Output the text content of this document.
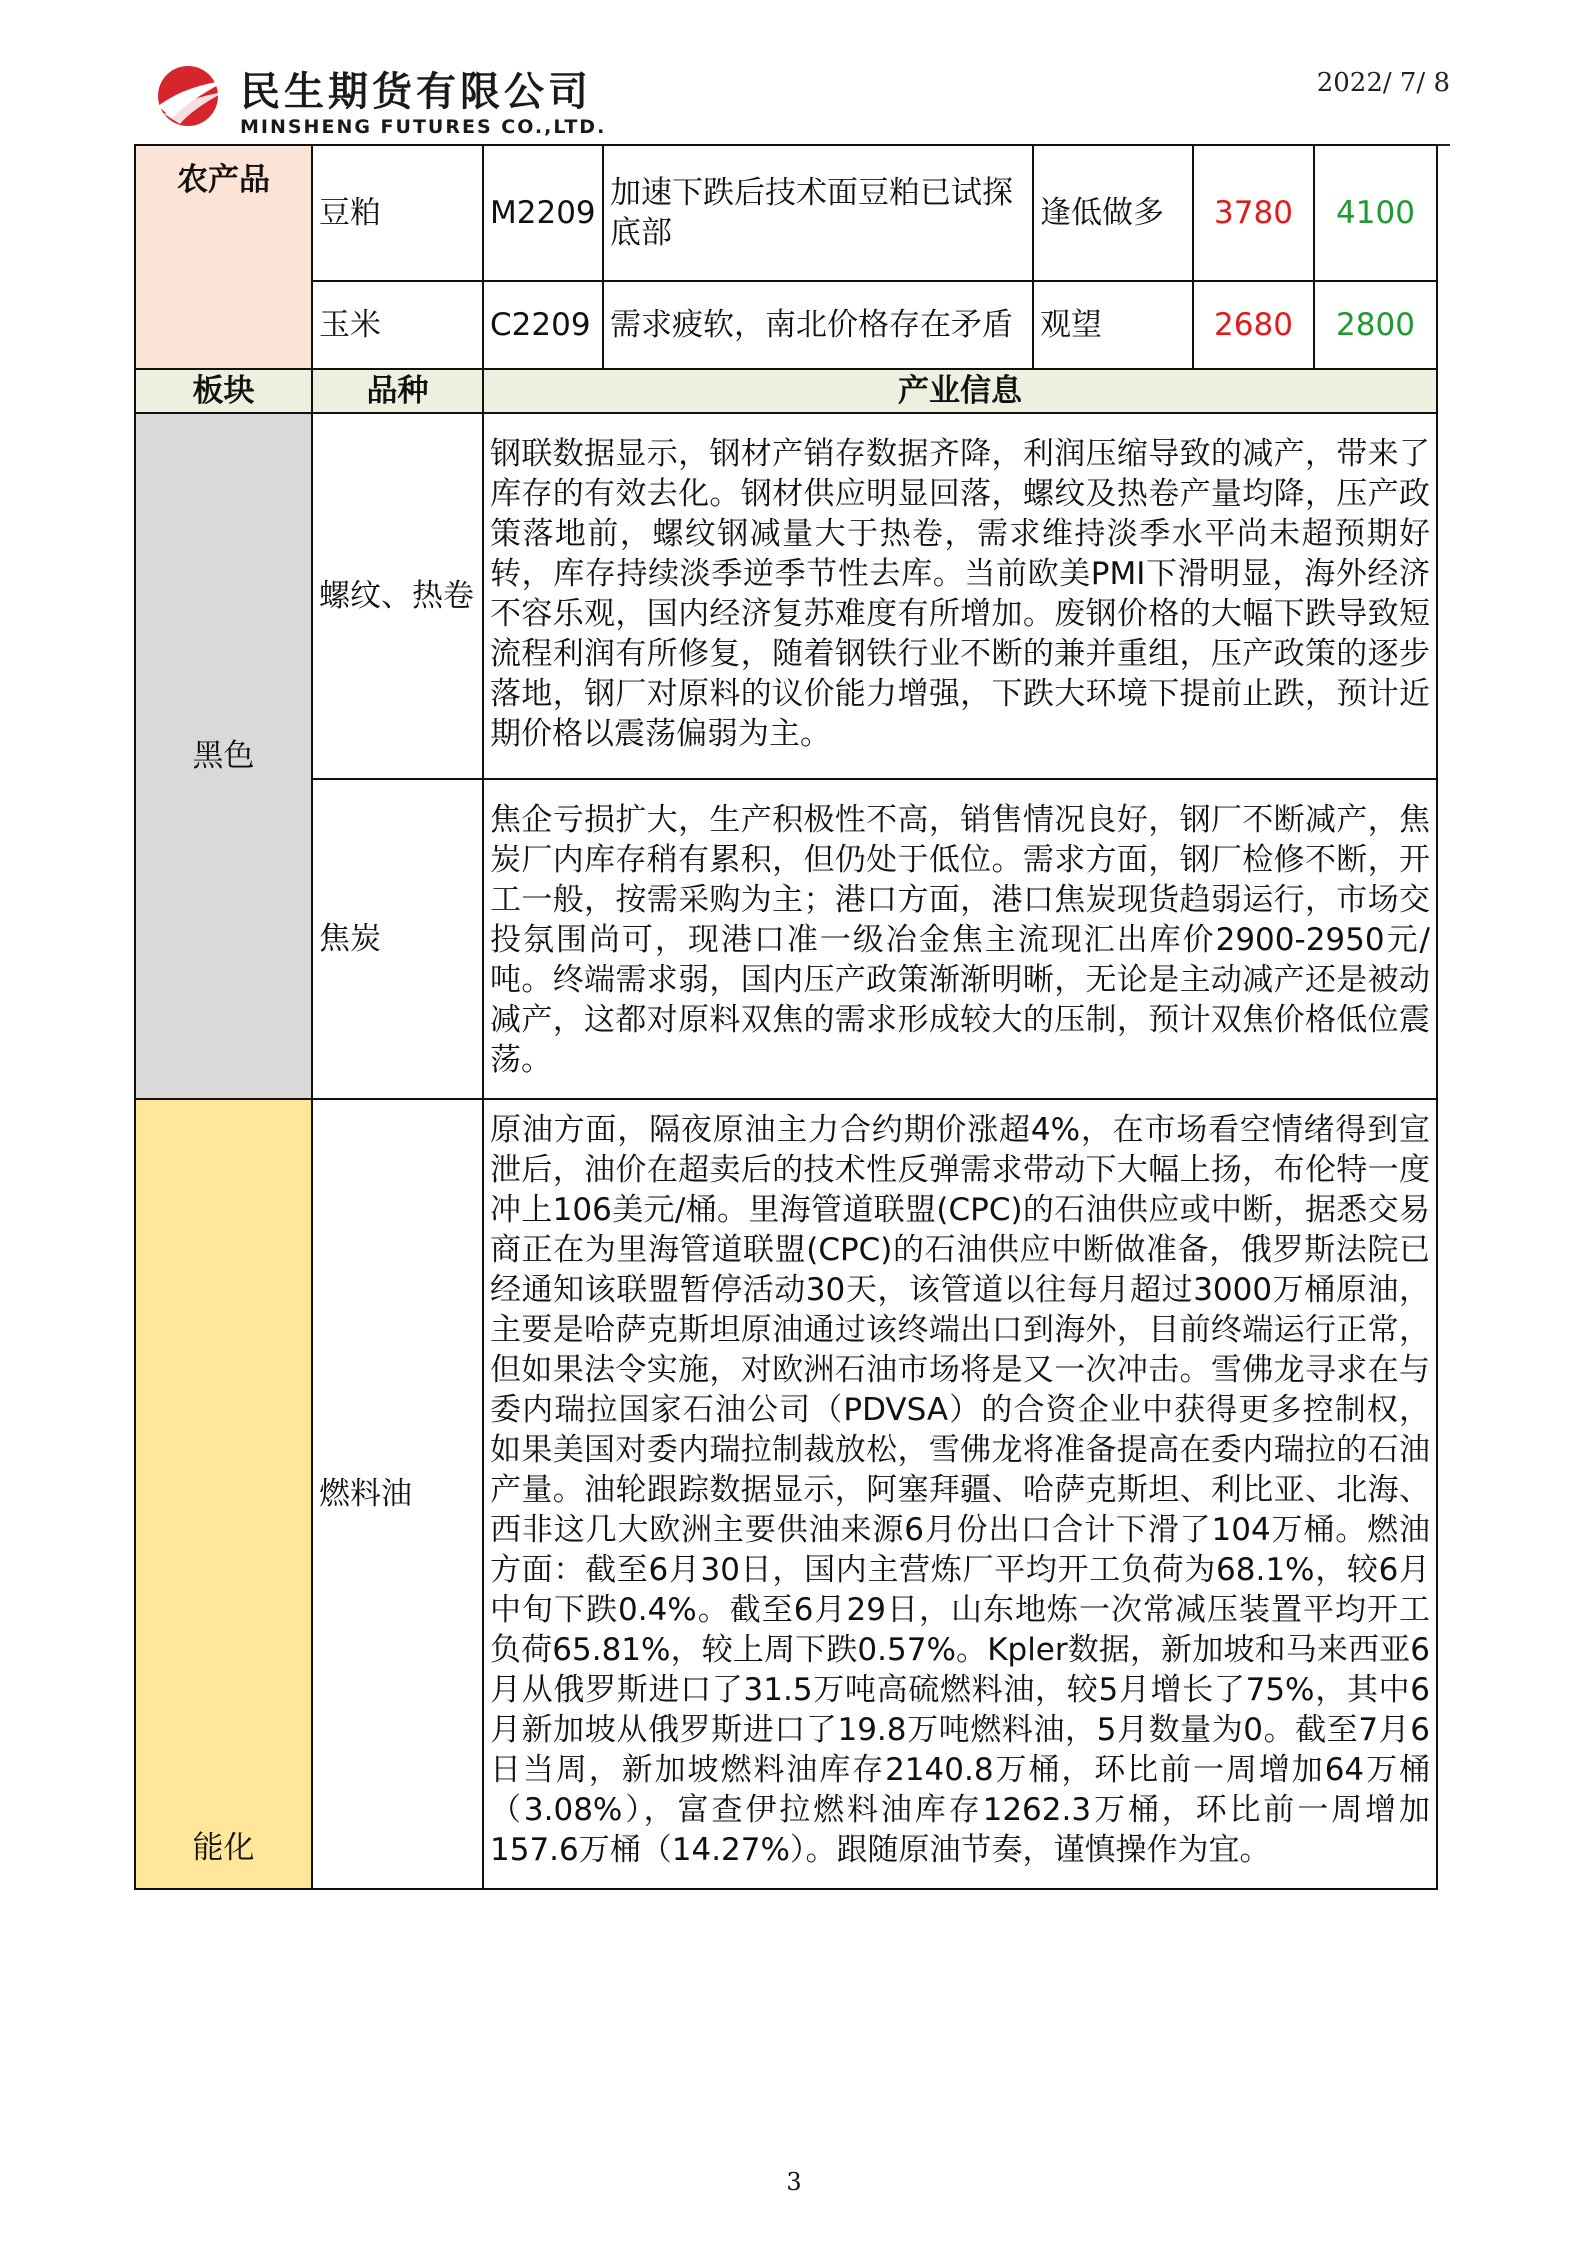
民生期货有限公司
MINSHENG FUTURES CO.,LTD.
2022/ 7/ 8
农产品	豆粕	M2209	加速下跌后技术面豆粕已试探底部	逢低做多	3780	4100
	玉米	C2209	需求疲软，南北价格存在矛盾	观望	2680	2800
板块	品种	产业信息				
黑色	螺纹、热卷	钢联数据显示，钢材产销存数据齐降，利润压缩导致的减产，带来了库存的有效去化。钢材供应明显回落，螺纹及热卷产量均降，压产政策落地前，螺纹钢减量大于热卷，需求维持淡季水平尚未超预期好转，库存持续淡季逆季节性去库。当前欧美PMI下滑明显，海外经济不容乐观，国内经济复苏难度有所增加。废钢价格的大幅下跌导致短流程利润有所修复，随着钢铁行业不断的兼并重组，压产政策的逐步落地，钢厂对原料的议价能力增强，下跌大环境下提前止跌，预计近期价格以震荡偏弱为主。				
	焦炭	焦企亏损扩大，生产积极性不高，销售情况良好，钢厂不断减产，焦炭厂内库存稍有累积，但仍处于低位。需求方面，钢厂检修不断，开工一般，按需采购为主；港口方面，港口焦炭现货趋弱运行，市场交投氛围尚可，现港口准一级冶金焦主流现汇出库价2900-2950元/吨。终端需求弱，国内压产政策渐渐明晰，无论是主动减产还是被动减产，这都对原料双焦的需求形成较大的压制，预计双焦价格低位震荡。				
能化	燃料油	原油方面，隔夜原油主力合约期价涨超4%，在市场看空情绪得到宣泄后，油价在超卖后的技术性反弹需求带动下大幅上扬，布伦特一度冲上106美元/桶。里海管道联盟(CPC)的石油供应或中断，据悉交易商正在为里海管道联盟(CPC)的石油供应中断做准备，俄罗斯法院已经通知该联盟暂停活动30天，该管道以往每月超过3000万桶原油，主要是哈萨克斯坦原油通过该终端出口到海外，目前终端运行正常，但如果法令实施，对欧洲石油市场将是又一次冲击。雪佛龙寻求在与委内瑞拉国家石油公司（PDVSA）的合资企业中获得更多控制权，如果美国对委内瑞拉制裁放松，雪佛龙将准备提高在委内瑞拉的石油产量。油轮跟踪数据显示，阿塞拜疆、哈萨克斯坦、利比亚、北海、西非这几大欧洲主要供油来源6月份出口合计下滑了104万桶。燃油方面：截至6月30日，国内主营炼厂平均开工负荷为68.1%，较6月中旬下跌0.4%。截至6月29日，山东地炼一次常减压装置平均开工负荷65.81%，较上周下跌0.57%。Kpler数据，新加坡和马来西亚6月从俄罗斯进口了31.5万吨高硫燃料油，较5月增长了75%，其中6月新加坡从俄罗斯进口了19.8万吨燃料油，5月数量为0。截至7月6日当周，新加坡燃料油库存2140.8万桶，环比前一周增加64万桶（3.08%），富查伊拉燃料油库存1262.3万桶，环比前一周增加157.6万桶（14.27%）。跟随原油节奏，谨慎操作为宜。				
3
